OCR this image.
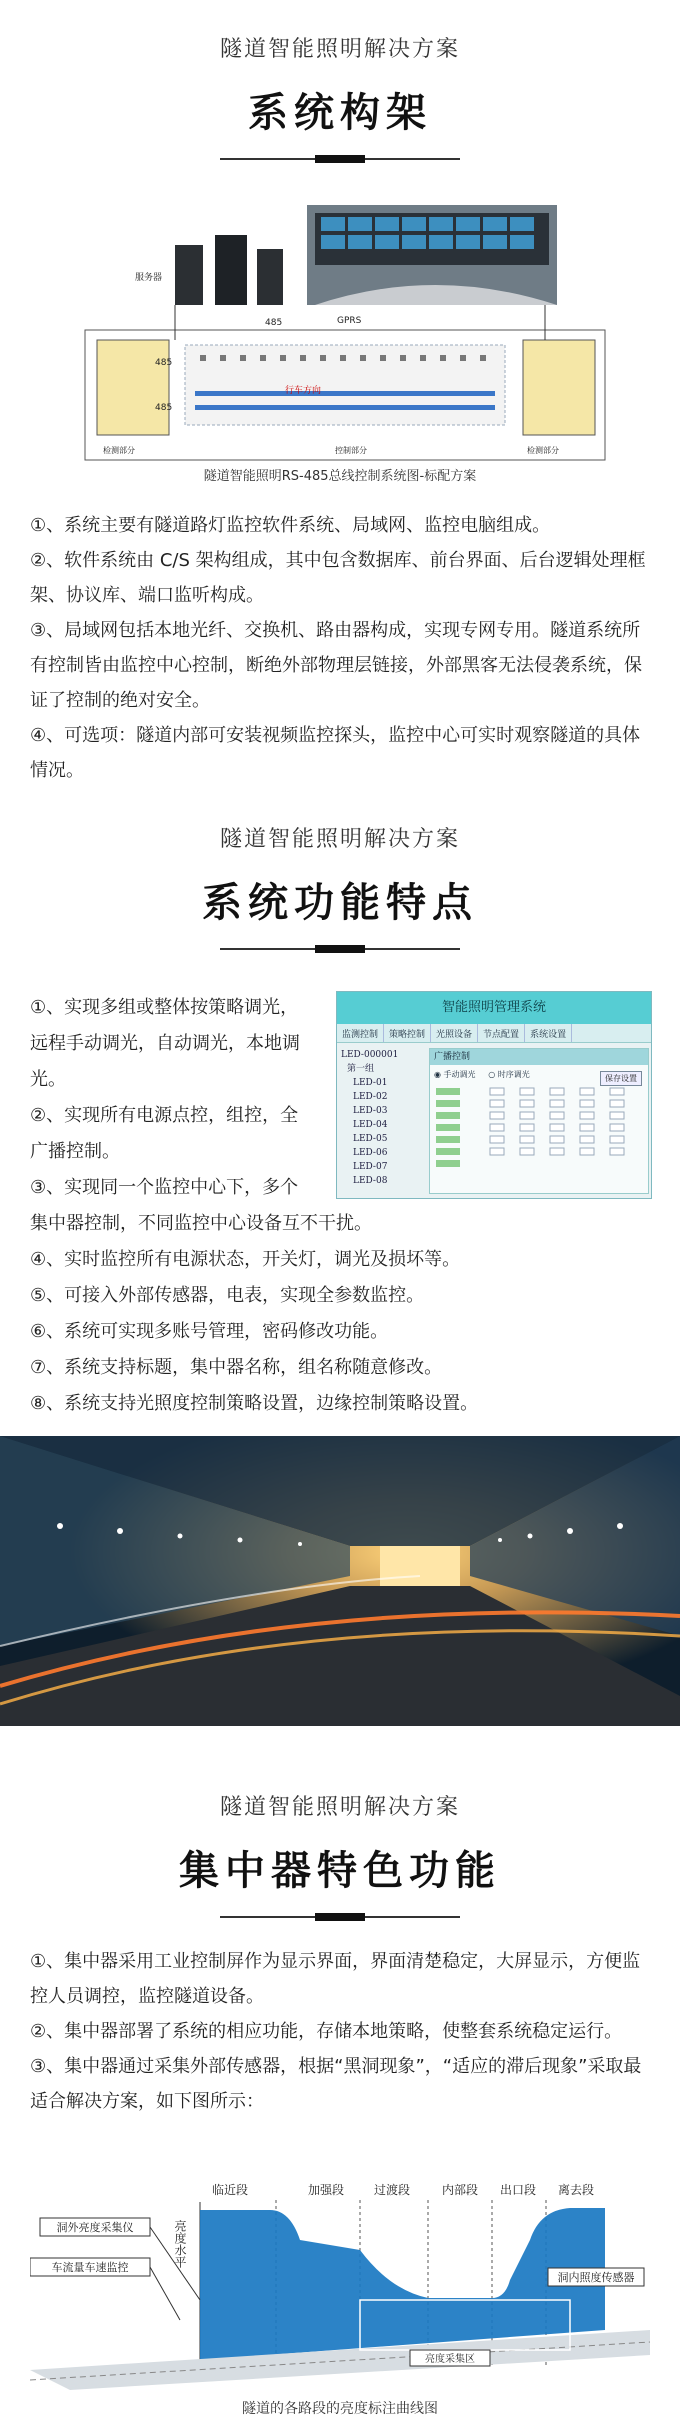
隧道智能照明解决方案
系统构架
服务器
GPRS
行车方向
485
485
485
检测部分	检测部分
控制部分
隧道智能照明RS-485总线控制系统图-标配方案

①、系统主要有隧道路灯监控软件系统、局域网、监控电脑组成。

②、软件系统由 C/S 架构组成，其中包含数据库、前台界面、后台逻辑处理框架、协议库、端口监听构成。

③、局域网包括本地光纤、交换机、路由器构成，实现专网专用。隧道系统所有控制皆由监控中心控制，断绝外部物理层链接，外部黑客无法侵袭系统，保证了控制的绝对安全。

④、可选项：隧道内部可安装视频监控探头，监控中心可实时观察隧道的具体情况。

隧道智能照明解决方案
系统功能特点

①、实现多组或整体按策略调光，

远程手动调光，自动调光，本地调

光。

②、实现所有电源点控，组控，全

广播控制。

③、实现同一个监控中心下，多个

集中器控制，不同监控中心设备互不干扰。

④、实时监控所有电源状态，开关灯，调光及损坏等。

⑤、可接入外部传感器，电表，实现全参数监控。

⑥、系统可实现多账号管理，密码修改功能。

⑦、系统支持标题，集中器名称，组名称随意修改。

⑧、系统支持光照度控制策略设置，边缘控制策略设置。

智能照明管理系统
监测控制	策略控制	光照设备	节点配置	系统设置
LED-000001
第一组
LED-01
LED-02
LED-03
LED-04
LED-05
LED-06
LED-07
LED-08
广播控制
◉ 手动调光     ○ 时序调光	保存设置
隧道智能照明解决方案
集中器特色功能

①、集中器采用工业控制屏作为显示界面，界面清楚稳定，大屏显示，方便监控人员调控，监控隧道设备。

②、集中器部署了系统的相应功能，存储本地策略，使整套系统稳定运行。

③、集中器通过采集外部传感器，根据“黑洞现象”，“适应的滞后现象”采取最适合解决方案，如下图所示：

临近段	加强段 过渡段	内部段 出口段 离去段
亮度水平
洞外亮度采集仪
车流量车速监控
洞内照度传感器
亮度采集区
隧道的各路段的亮度标注曲线图
